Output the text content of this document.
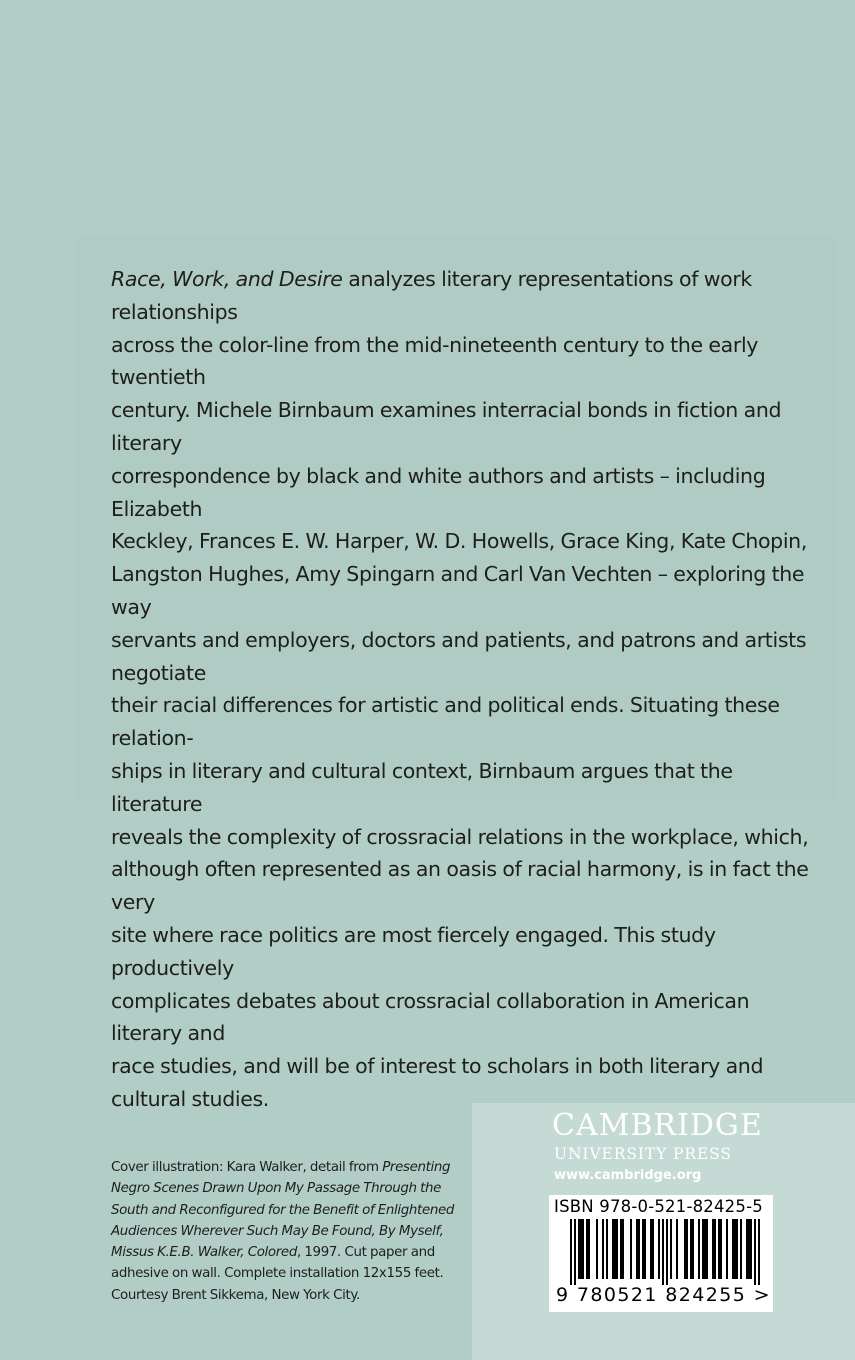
Race, Work, and Desire analyzes literary representations of work relationships
across the color-line from the mid-nineteenth century to the early twentieth
century. Michele Birnbaum examines interracial bonds in fiction and literary
correspondence by black and white authors and artists – including Elizabeth
Keckley, Frances E. W. Harper, W. D. Howells, Grace King, Kate Chopin,
Langston Hughes, Amy Spingarn and Carl Van Vechten – exploring the way
servants and employers, doctors and patients, and patrons and artists negotiate
their racial differences for artistic and political ends. Situating these relation-
ships in literary and cultural context, Birnbaum argues that the literature
reveals the complexity of crossracial relations in the workplace, which,
although often represented as an oasis of racial harmony, is in fact the very
site where race politics are most fiercely engaged. This study productively
complicates debates about crossracial collaboration in American literary and
race studies, and will be of interest to scholars in both literary and
cultural studies.

Cover illustration: Kara Walker, detail from Presenting
Negro Scenes Drawn Upon My Passage Through the
South and Reconfigured for the Benefit of Enlightened
Audiences Wherever Such May Be Found, By Myself,
Missus K.E.B. Walker, Colored, 1997. Cut paper and
adhesive on wall. Complete installation 12x155 feet.
Courtesy Brent Sikkema, New York City.

CAMBRIDGE
UNIVERSITY PRESS
www.cambridge.org
ISBN 978-0-521-82425-5
9 780521 824255 >
